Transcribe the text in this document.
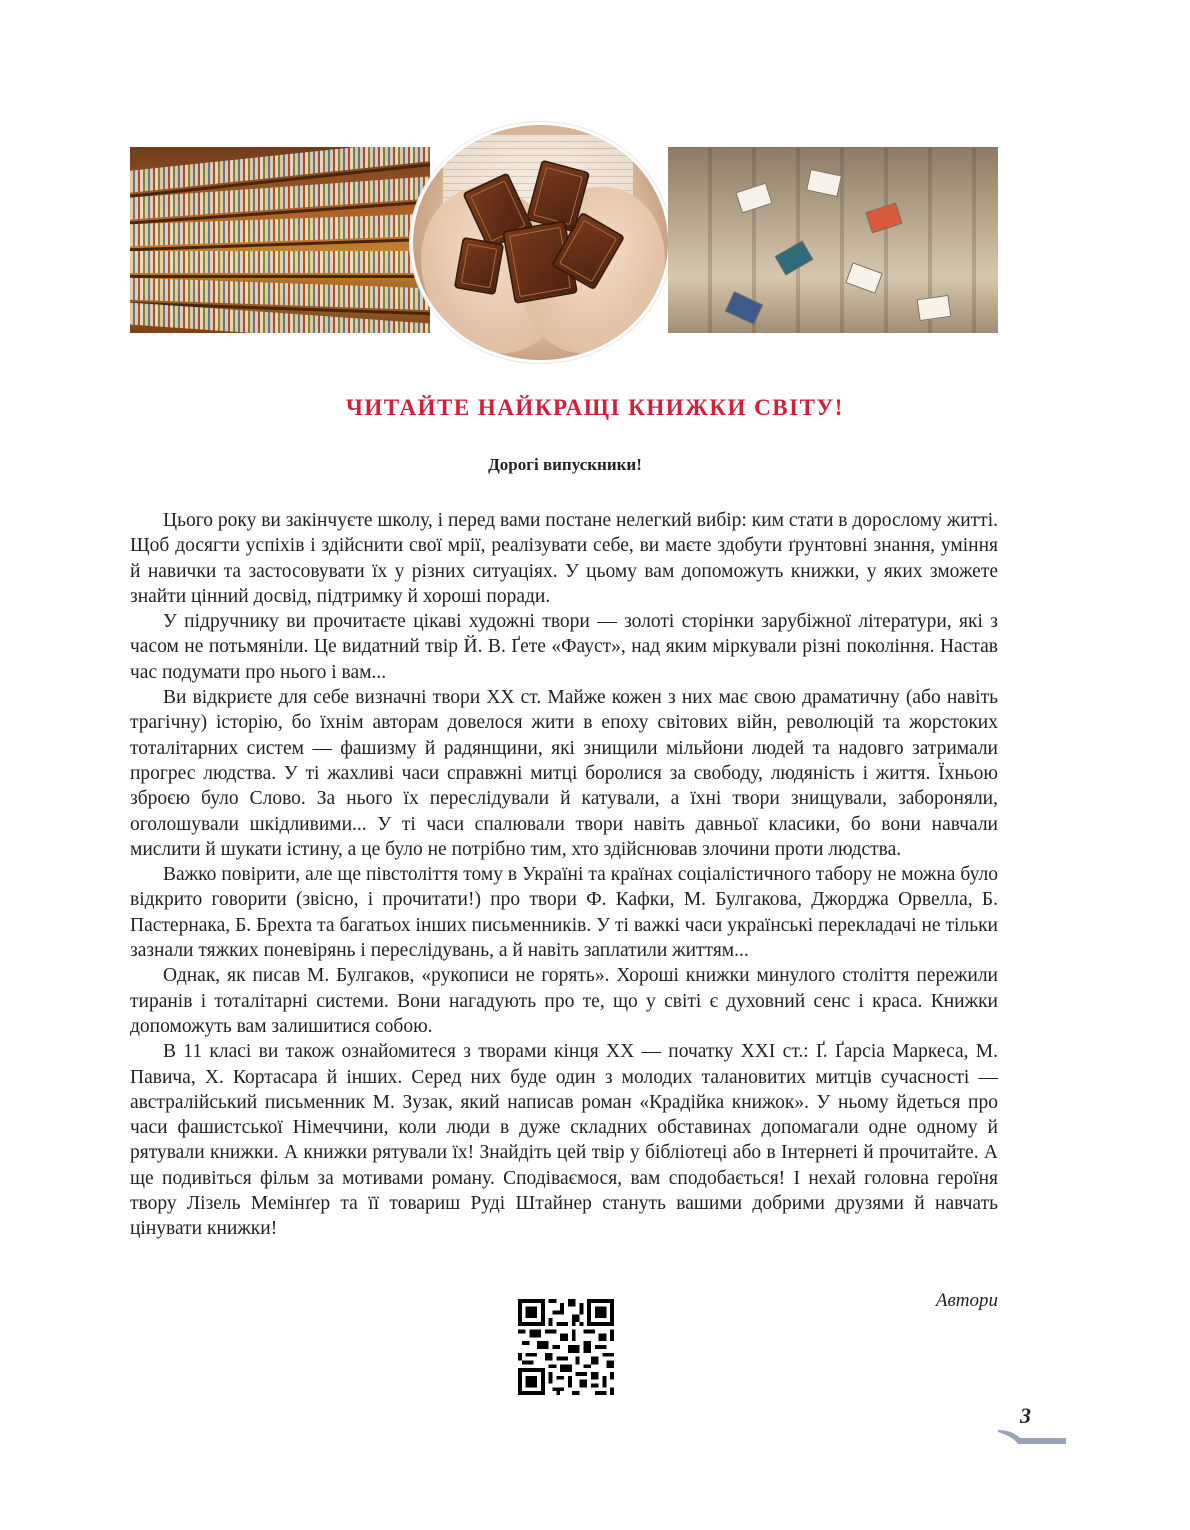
ЧИТАЙТЕ НАЙКРАЩІ КНИЖКИ СВІТУ!

Дорогі випускники!

Цього року ви закінчуєте школу, і перед вами постане нелегкий вибір: ким стати в дорослому житті. Щоб досягти успіхів і здійснити свої мрії, реалізувати себе, ви маєте здобути ґрунтовні знання, уміння й навички та застосовувати їх у різних ситуаціях. У цьому вам допоможуть книжки, у яких зможете знайти цінний досвід, підтримку й хороші поради.

У підручнику ви прочитаєте цікаві художні твори — золоті сторінки зарубіжної літератури, які з часом не потьмяніли. Це видатний твір Й. В. Ґете «Фауст», над яким міркували різні покоління. Настав час подумати про нього і вам...

Ви відкриєте для себе визначні твори ХХ ст. Майже кожен з них має свою драматичну (або навіть трагічну) історію, бо їхнім авторам довелося жити в епоху світових війн, революцій та жорстоких тоталітарних систем — фашизму й радянщини, які знищили мільйони людей та надовго затримали прогрес людства. У ті жахливі часи справжні митці боролися за свободу, людяність і життя. Їхньою зброєю було Слово. За нього їх переслідували й катували, а їхні твори знищували, забороняли, оголошували шкідливими... У ті часи спалювали твори навіть давньої класики, бо вони навчали мислити й шукати істину, а це було не потрібно тим, хто здійснював злочини проти людства.

Важко повірити, але ще півстоліття тому в Україні та країнах соціалістичного табору не можна було відкрито говорити (звісно, і прочитати!) про твори Ф. Кафки, М. Булгакова, Джорджа Орвелла, Б. Пастернака, Б. Брехта та багатьох інших письменників. У ті важкі часи українські перекладачі не тільки зазнали тяжких поневірянь і переслідувань, а й навіть заплатили життям...

Однак, як писав М. Булгаков, «рукописи не горять». Хороші книжки минулого століття пережили тиранів і тоталітарні системи. Вони нагадують про те, що у світі є духовний сенс і краса. Книжки допоможуть вам залишитися собою.

В 11 класі ви також ознайомитеся з творами кінця ХХ — початку ХХІ ст.: Ґ. Ґарсіа Маркеса, М. Павича, Х. Кортасара й інших. Серед них буде один з молодих талановитих митців сучасності — австралійський письменник М. Зузак, який написав роман «Крадійка книжок». У ньому йдеться про часи фашистської Німеччини, коли люди в дуже складних обставинах допомагали одне одному й рятували книжки. А книжки рятували їх! Знайдіть цей твір у бібліотеці або в Інтернеті й прочитайте. А ще подивіться фільм за мотивами роману. Сподіваємося, вам сподобається! І нехай головна героїня твору Лізель Мемінґер та її товариш Руді Штайнер стануть вашими добрими друзями й навчать цінувати книжки!

Автори
3
